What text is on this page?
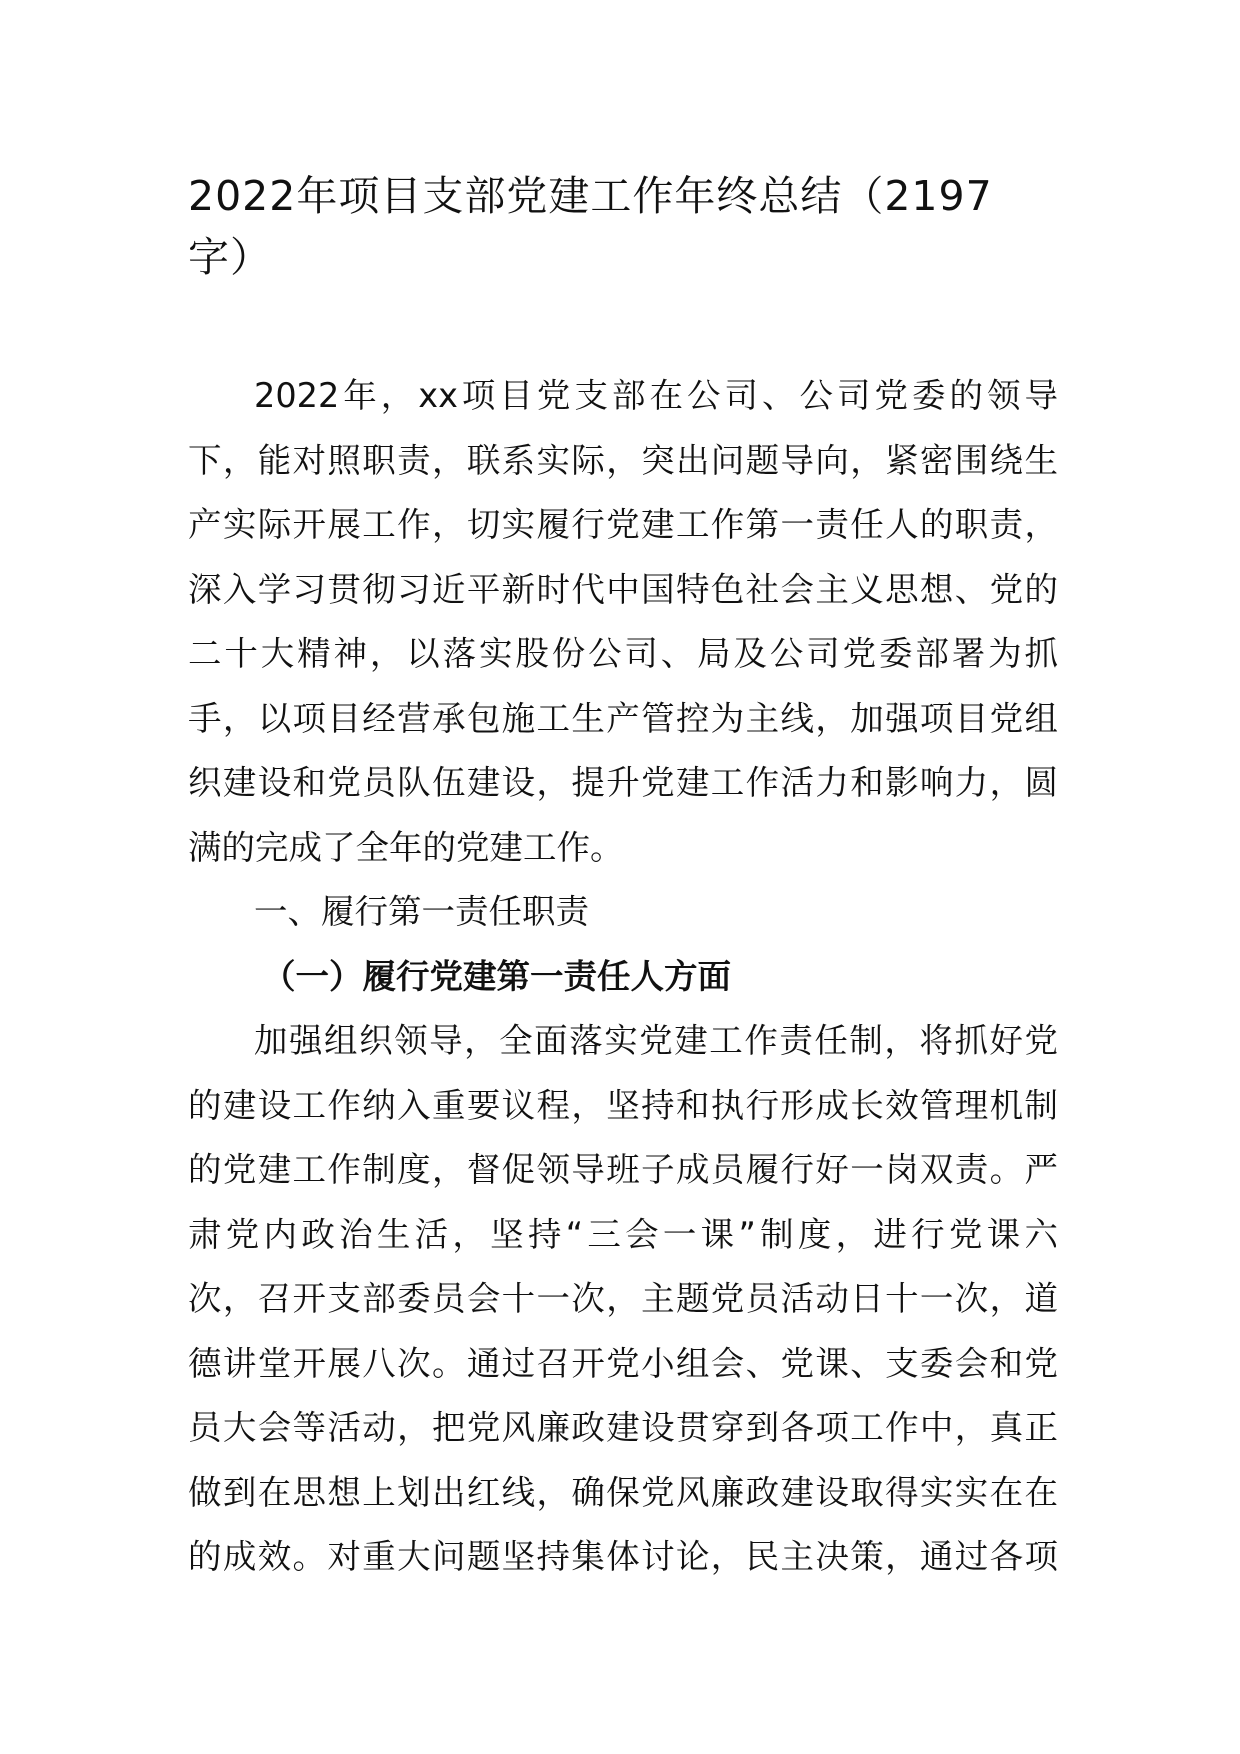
2022年项目支部党建工作年终总结（2197
字）
2022年，xx项目党支部在公司、公司党委的领导
下，能对照职责，联系实际，突出问题导向，紧密围绕生
产实际开展工作，切实履行党建工作第一责任人的职责，
深入学习贯彻习近平新时代中国特色社会主义思想、党的
二十大精神，以落实股份公司、局及公司党委部署为抓
手，以项目经营承包施工生产管控为主线，加强项目党组
织建设和党员队伍建设，提升党建工作活力和影响力，圆
满的完成了全年的党建工作。
一、履行第一责任职责
（一）履行党建第一责任人方面
加强组织领导，全面落实党建工作责任制，将抓好党
的建设工作纳入重要议程，坚持和执行形成长效管理机制
的党建工作制度，督促领导班子成员履行好一岗双责。严
肃党内政治生活，坚持“三会一课”制度，进行党课六
次，召开支部委员会十一次，主题党员活动日十一次，道
德讲堂开展八次。通过召开党小组会、党课、支委会和党
员大会等活动，把党风廉政建设贯穿到各项工作中，真正
做到在思想上划出红线，确保党风廉政建设取得实实在在
的成效。对重大问题坚持集体讨论，民主决策，通过各项
